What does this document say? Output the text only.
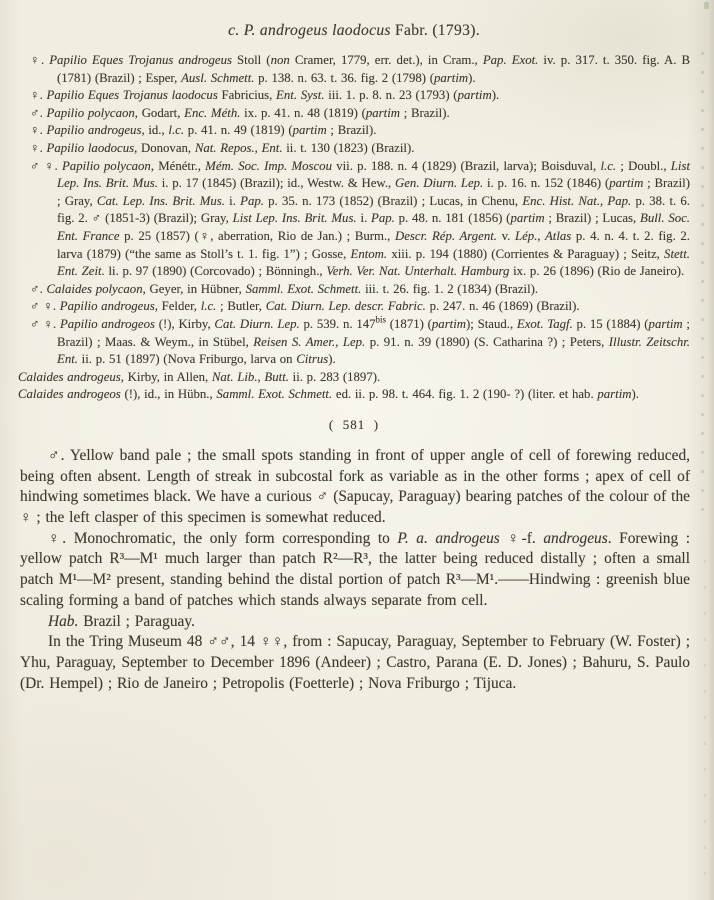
c. P. androgeus laodocus Fabr. (1793).

♀. Papilio Eques Trojanus androgeus Stoll (non Cramer, 1779, err. det.), in Cram., Pap. Exot. iv. p. 317. t. 350. fig. A. B (1781) (Brazil) ; Esper, Ausl. Schmett. p. 138. n. 63. t. 36. fig. 2 (1798) (partim).

♀. Papilio Eques Trojanus laodocus Fabricius, Ent. Syst. iii. 1. p. 8. n. 23 (1793) (partim).

♂. Papilio polycaon, Godart, Enc. Méth. ix. p. 41. n. 48 (1819) (partim ; Brazil).

♀. Papilio androgeus, id., l.c. p. 41. n. 49 (1819) (partim ; Brazil).

♀. Papilio laodocus, Donovan, Nat. Repos., Ent. ii. t. 130 (1823) (Brazil).

♂ ♀. Papilio polycaon, Ménétr., Mém. Soc. Imp. Moscou vii. p. 188. n. 4 (1829) (Brazil, larva); Boisduval, l.c. ; Doubl., List Lep. Ins. Brit. Mus. i. p. 17 (1845) (Brazil); id., Westw. & Hew., Gen. Diurn. Lep. i. p. 16. n. 152 (1846) (partim ; Brazil) ; Gray, Cat. Lep. Ins. Brit. Mus. i. Pap. p. 35. n. 173 (1852) (Brazil) ; Lucas, in Chenu, Enc. Hist. Nat., Pap. p. 38. t. 6. fig. 2. ♂ (1851-3) (Brazil); Gray, List Lep. Ins. Brit. Mus. i. Pap. p. 48. n. 181 (1856) (partim ; Brazil) ; Lucas, Bull. Soc. Ent. France p. 25 (1857) (♀, aberration, Rio de Jan.) ; Burm., Descr. Rép. Argent. v. Lép., Atlas p. 4. n. 4. t. 2. fig. 2. larva (1879) (“the same as Stoll’s t. 1. fig. 1”) ; Gosse, Entom. xiii. p. 194 (1880) (Corrientes & Paraguay) ; Seitz, Stett. Ent. Zeit. li. p. 97 (1890) (Corcovado) ; Bönningh., Verh. Ver. Nat. Unterhalt. Hamburg ix. p. 26 (1896) (Rio de Janeiro).

♂. Calaides polycaon, Geyer, in Hübner, Samml. Exot. Schmett. iii. t. 26. fig. 1. 2 (1834) (Brazil).

♂ ♀. Papilio androgeus, Felder, l.c. ; Butler, Cat. Diurn. Lep. descr. Fabric. p. 247. n. 46 (1869) (Brazil).

♂ ♀. Papilio androgeos (!), Kirby, Cat. Diurn. Lep. p. 539. n. $147^{bis}$ (1871) (partim); Staud., Exot. Tagf. p. 15 (1884) (partim ; Brazil) ; Maas. & Weym., in Stübel, Reisen S. Amer., Lep. p. 91. n. 39 (1890) (S. Catharina ?) ; Peters, Illustr. Zeitschr. Ent. ii. p. 51 (1897) (Nova Friburgo, larva on Citrus).

Calaides androgeus, Kirby, in Allen, Nat. Lib., Butt. ii. p. 283 (1897).

Calaides androgeos (!), id., in Hübn., Samml. Exot. Schmett. ed. ii. p. 98. t. 464. fig. 1. 2 (190- ?) (liter. et hab. partim).

(  581  )

♂. Yellow band pale ; the small spots standing in front of upper angle of cell of forewing reduced, being often absent. Length of streak in subcostal fork as variable as in the other forms ; apex of cell of hindwing sometimes black. We have a curious ♂ (Sapucay, Paraguay) bearing patches of the colour of the ♀ ; the left clasper of this specimen is somewhat reduced.

♀. Monochromatic, the only form corresponding to P. a. androgeus ♀-f. androgeus. Forewing : yellow patch R³—M¹ much larger than patch R²—R³, the latter being reduced distally ; often a small patch M¹—M² present, standing behind the distal portion of patch R³—M¹.——Hindwing : greenish blue scaling forming a band of patches which stands always separate from cell.

Hab. Brazil ; Paraguay.

In the Tring Museum 48 ♂♂, 14 ♀♀, from : Sapucay, Paraguay, September to February (W. Foster) ; Yhu, Paraguay, September to December 1896 (Andeer) ; Castro, Parana (E. D. Jones) ; Bahuru, S. Paulo (Dr. Hempel) ; Rio de Janeiro ; Petropolis (Foetterle) ; Nova Friburgo ; Tijuca.
